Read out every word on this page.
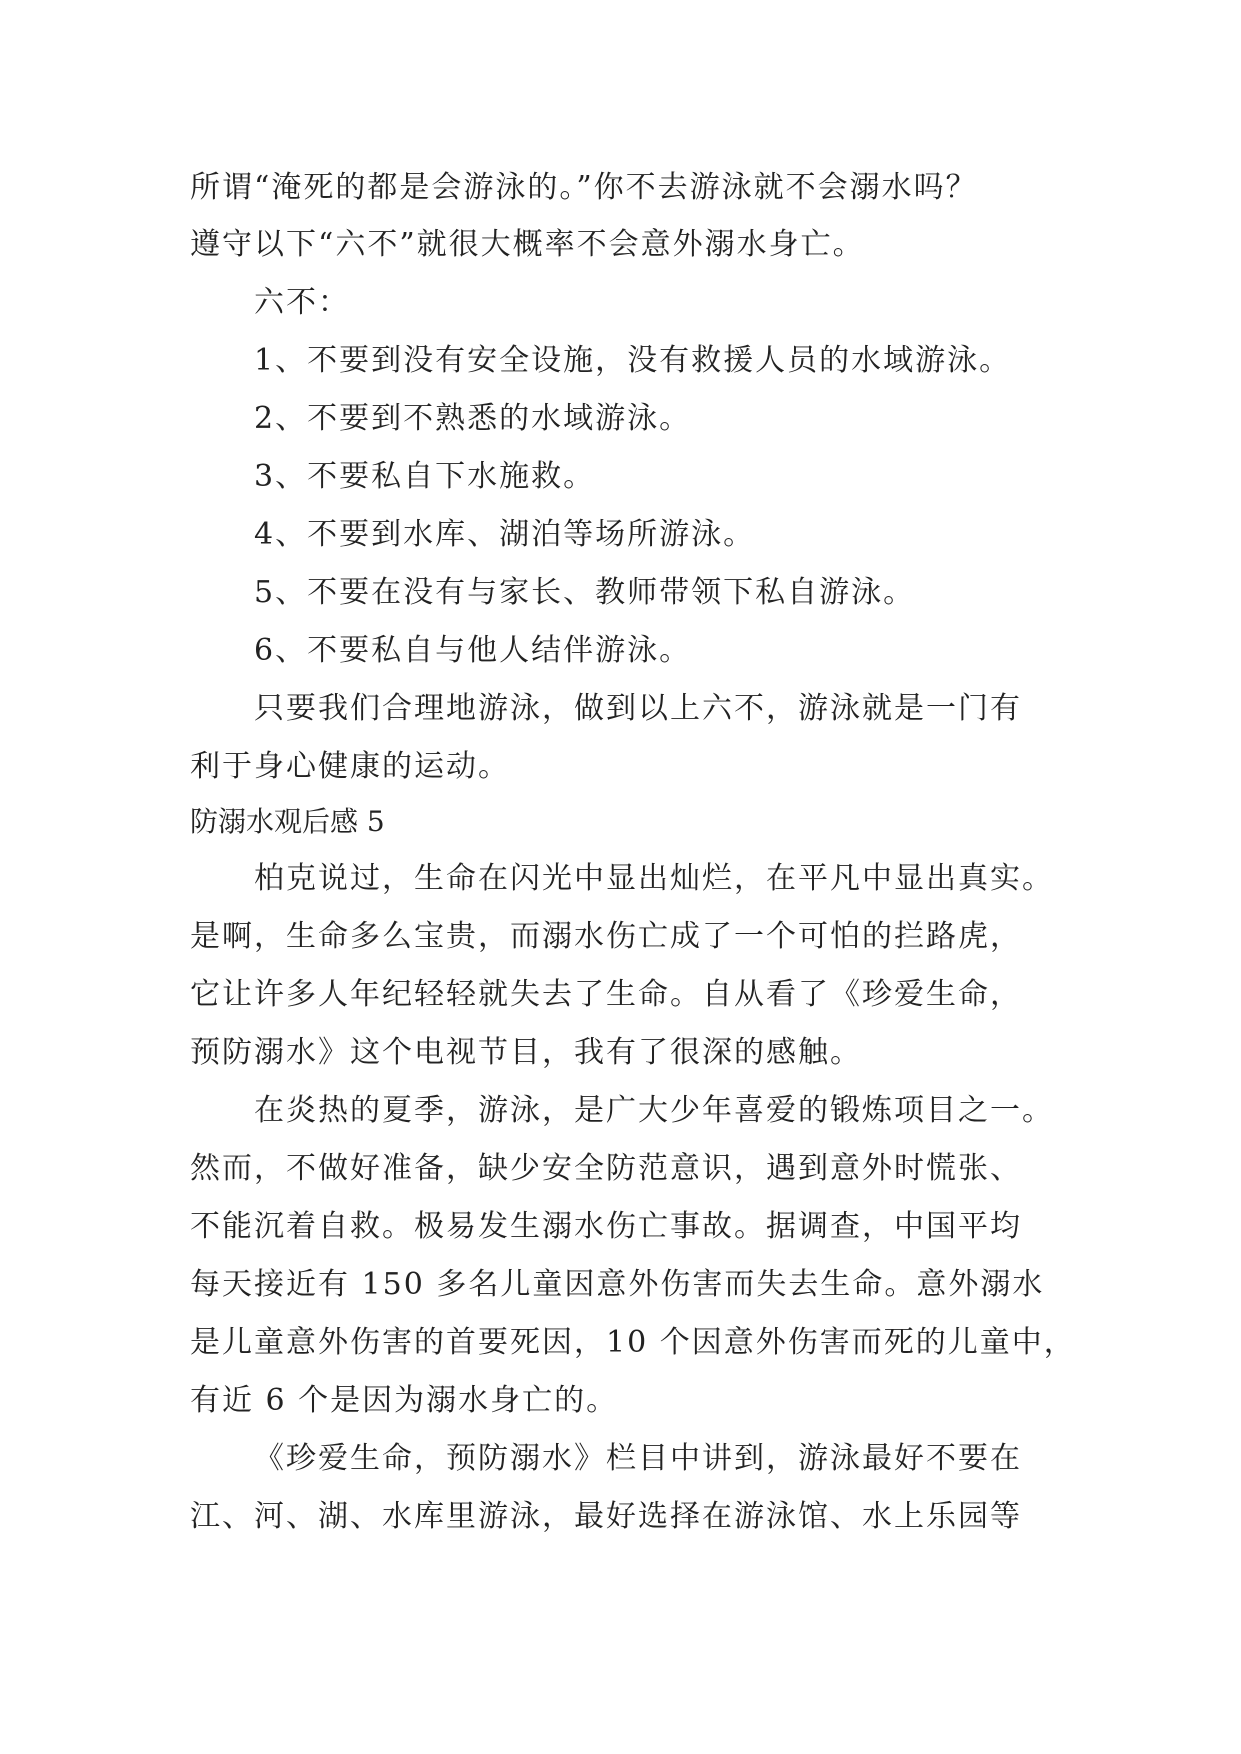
所谓“淹死的都是会游泳的。”你不去游泳就不会溺水吗？
遵守以下“六不”就很大概率不会意外溺水身亡。
六不：
1、不要到没有安全设施，没有救援人员的水域游泳。
2、不要到不熟悉的水域游泳。
3、不要私自下水施救。
4、不要到水库、湖泊等场所游泳。
5、不要在没有与家长、教师带领下私自游泳。
6、不要私自与他人结伴游泳。
只要我们合理地游泳，做到以上六不，游泳就是一门有
利于身心健康的运动。
防溺水观后感 5
柏克说过，生命在闪光中显出灿烂，在平凡中显出真实。
是啊，生命多么宝贵，而溺水伤亡成了一个可怕的拦路虎，
它让许多人年纪轻轻就失去了生命。自从看了《珍爱生命，
预防溺水》这个电视节目，我有了很深的感触。
在炎热的夏季，游泳，是广大少年喜爱的锻炼项目之一。
然而，不做好准备，缺少安全防范意识，遇到意外时慌张、
不能沉着自救。极易发生溺水伤亡事故。据调查，中国平均
每天接近有 150 多名儿童因意外伤害而失去生命。意外溺水
是儿童意外伤害的首要死因，10 个因意外伤害而死的儿童中，
有近 6 个是因为溺水身亡的。
《珍爱生命，预防溺水》栏目中讲到，游泳最好不要在
江、河、湖、水库里游泳，最好选择在游泳馆、水上乐园等
